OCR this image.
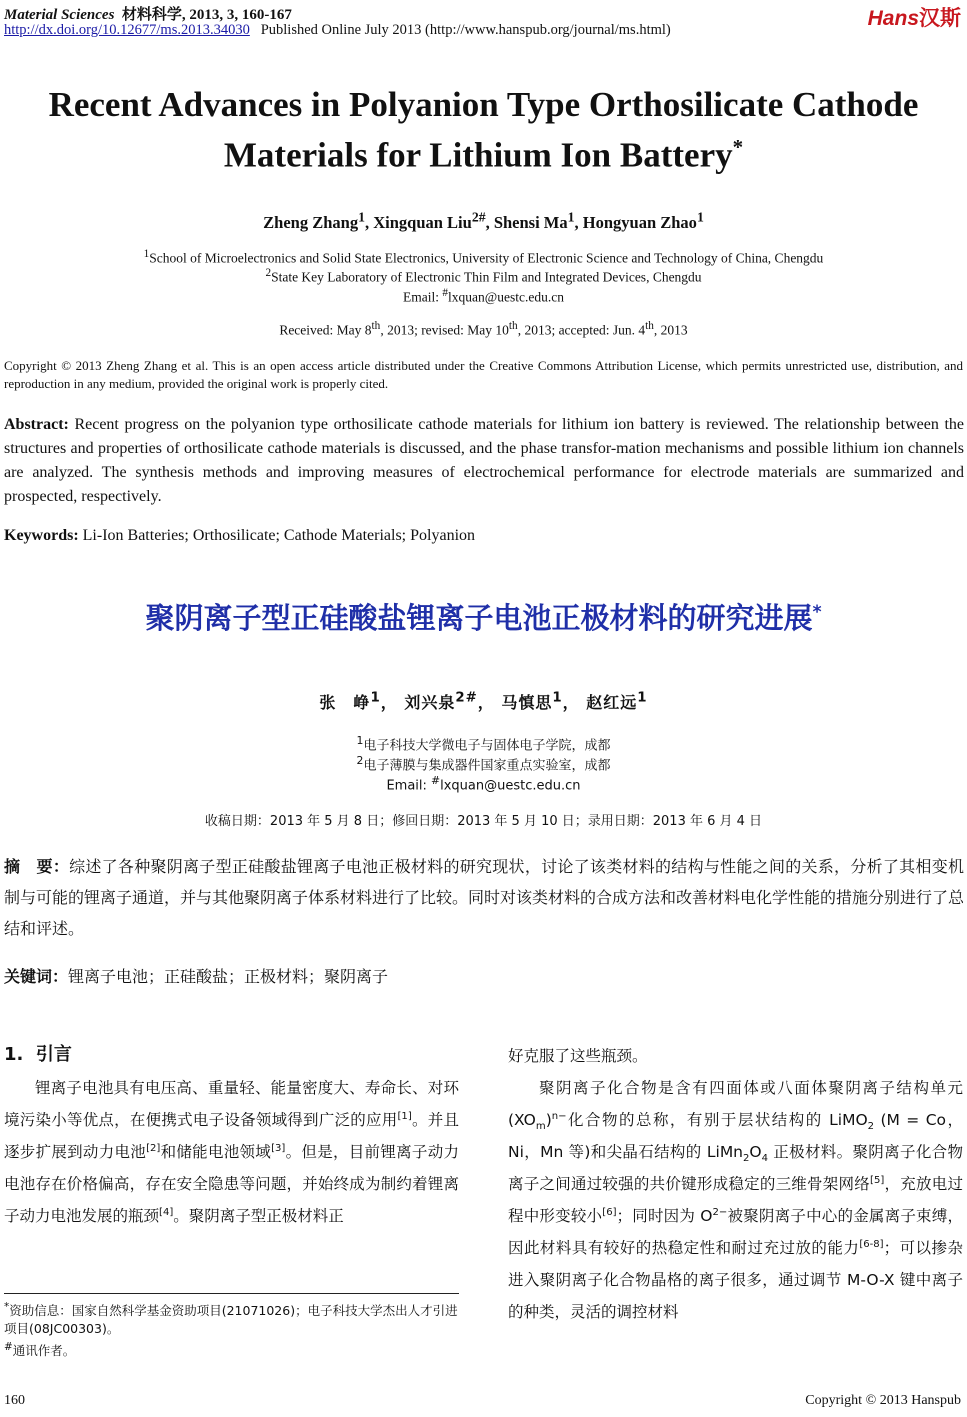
Material Sciences 材料科学, 2013, 3, 160-167
http://dx.doi.org/10.12677/ms.2013.34030 Published Online July 2013 (http://www.hanspub.org/journal/ms.html)	Hans汉斯
Recent Advances in Polyanion Type Orthosilicate Cathode
Materials for Lithium Ion Battery*
Zheng Zhang$^1$, Xingquan Liu$^{2\#}$, Shensi Ma$^1$, Hongyuan Zhao$^1$
$^1$School of Microelectronics and Solid State Electronics, University of Electronic Science and Technology of China, Chengdu
$^2$State Key Laboratory of Electronic Thin Film and Integrated Devices, Chengdu
Email: #lxquan@uestc.edu.cn
Received: May 8th, 2013; revised: May 10th, 2013; accepted: Jun. 4th, 2013
Copyright © 2013 Zheng Zhang et al. This is an open access article distributed under the Creative Commons Attribution License, which permits unrestricted use, distribution, and reproduction in any medium, provided the original work is properly cited.
Abstract: Recent progress on the polyanion type orthosilicate cathode materials for lithium ion battery is reviewed. The relationship between the structures and properties of orthosilicate cathode materials is discussed, and the phase transfor-mation mechanisms and possible lithium ion channels are analyzed. The synthesis methods and improving measures of electrochemical performance for electrode materials are summarized and prospected, respectively.
Keywords: Li-Ion Batteries; Orthosilicate; Cathode Materials; Polyanion
聚阴离子型正硅酸盐锂离子电池正极材料的研究进展*
张　峥$^1$， 刘兴泉$^{2\#}$， 马慎思$^1$， 赵红远$^1$
$^1$电子科技大学微电子与固体电子学院，成都
$^2$电子薄膜与集成器件国家重点实验室，成都
Email: #lxquan@uestc.edu.cn
收稿日期：2013 年 5 月 8 日；修回日期：2013 年 5 月 10 日；录用日期：2013 年 6 月 4 日
摘　要：综述了各种聚阴离子型正硅酸盐锂离子电池正极材料的研究现状，讨论了该类材料的结构与性能之间的关系，分析了其相变机制与可能的锂离子通道，并与其他聚阴离子体系材料进行了比较。同时对该类材料的合成方法和改善材料电化学性能的措施分别进行了总结和评述。
关键词：锂离子电池；正硅酸盐；正极材料；聚阴离子
1. 引言

锂离子电池具有电压高、重量轻、能量密度大、寿命长、对环境污染小等优点，在便携式电子设备领域得到广泛的应用[1]。并且逐步扩展到动力电池[2]和储能电池领域[3]。但是，目前锂离子动力电池存在价格偏高，存在安全隐患等问题，并始终成为制约着锂离子动力电池发展的瓶颈[4]。聚阴离子型正极材料正

*资助信息：国家自然科学基金资助项目(21071026)；电子科技大学杰出人才引进项目(08JC00303)。

#通讯作者。

好克服了这些瓶颈。

聚阴离子化合物是含有四面体或八面体聚阴离子结构单元$(XO_m)^{n-}$化合物的总称，有别于层状结构的 LiMO$_2$ (M = Co，Ni，Mn 等)和尖晶石结构的 $LiMn_2O_4$ 正极材料。聚阴离子化合物离子之间通过较强的共价键形成稳定的三维骨架网络[5]，充放电过程中形变较小[6]；同时因为 $O^{2-}$被聚阴离子中心的金属离子束缚，因此材料具有较好的热稳定性和耐过充过放的能力[6-8]；可以掺杂进入聚阴离子化合物晶格的离子很多，通过调节 M-O-X 键中离子的种类，灵活的调控材料

160	Copyright © 2013 Hanspub
